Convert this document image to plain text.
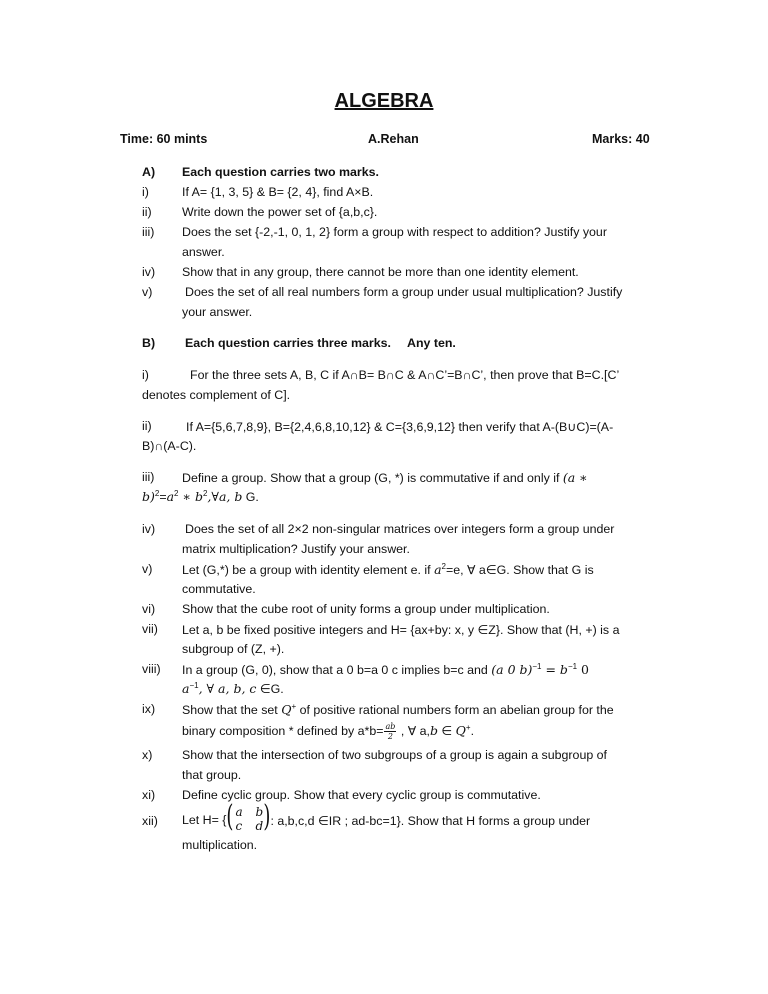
ALGEBRA
Time: 60 mints	A.Rehan	Marks: 40
A) Each question carries two marks.
i)	If A= {1, 3, 5} & B= {2, 4}, find A×B.
ii) Write down the power set of {a,b,c}.
iii) Does the set {-2,-1, 0, 1, 2} form a group with respect to addition? Justify your
answer.
iv) Show that in any group, there cannot be more than one identity element.
v)	Does the set of all real numbers form a group under usual multiplication? Justify
your answer.
B) Each question carries three marks. Any ten.
i)	For the three sets A, B, C if A∩B= B∩C & A∩C’=B∩C’, then prove that B=C.[C’
denotes complement of C].
ii)	If A={5,6,7,8,9}, B={2,4,6,8,10,12} & C={3,6,9,12} then verify that A-(B∪C)=(A-
B)∩(A-C).
iii) Define a group. Show that a group (G, *) is commutative if and only if (a ∗
$b)^2=a^2$ ∗ $b^2,\forall a$, b G.
iv) Does the set of all 2×2 non-singular matrices over integers form a group under
matrix multiplication? Justify your answer.
v) Let (G,*) be a group with identity element e. if $a^2=e$, ∀ a∈G. Show that G is
commutative.
vi) Show that the cube root of unity forms a group under multiplication.
vii) Let a, b be fixed positive integers and H= {ax+by: x, y ∈Z}. Show that (H, +) is a
subgroup of (Z, +).
viii) In a group (G, 0), show that a 0 b=a 0 c implies b=c and (a 0 $b)^{-1} = b^{-1}$ 0
$a^{-1}$, ∀ a, b, c ∈G.
ix) Show that the set Q+ of positive rational numbers form an abelian group for the
binary composition * defined by $a*b= \frac{ab}{2}$ , ∀ a,b ∈ Q+.
x) Show that the intersection of two subgroups of a group is again a subgroup of
that group.
xi) Define cyclic group. Show that every cyclic group is commutative.
xii) Let H= { ( a b
c d ) : a,b,c,d ∈IR ; ad-bc=1}. Show that H forms a group under
multiplication.
